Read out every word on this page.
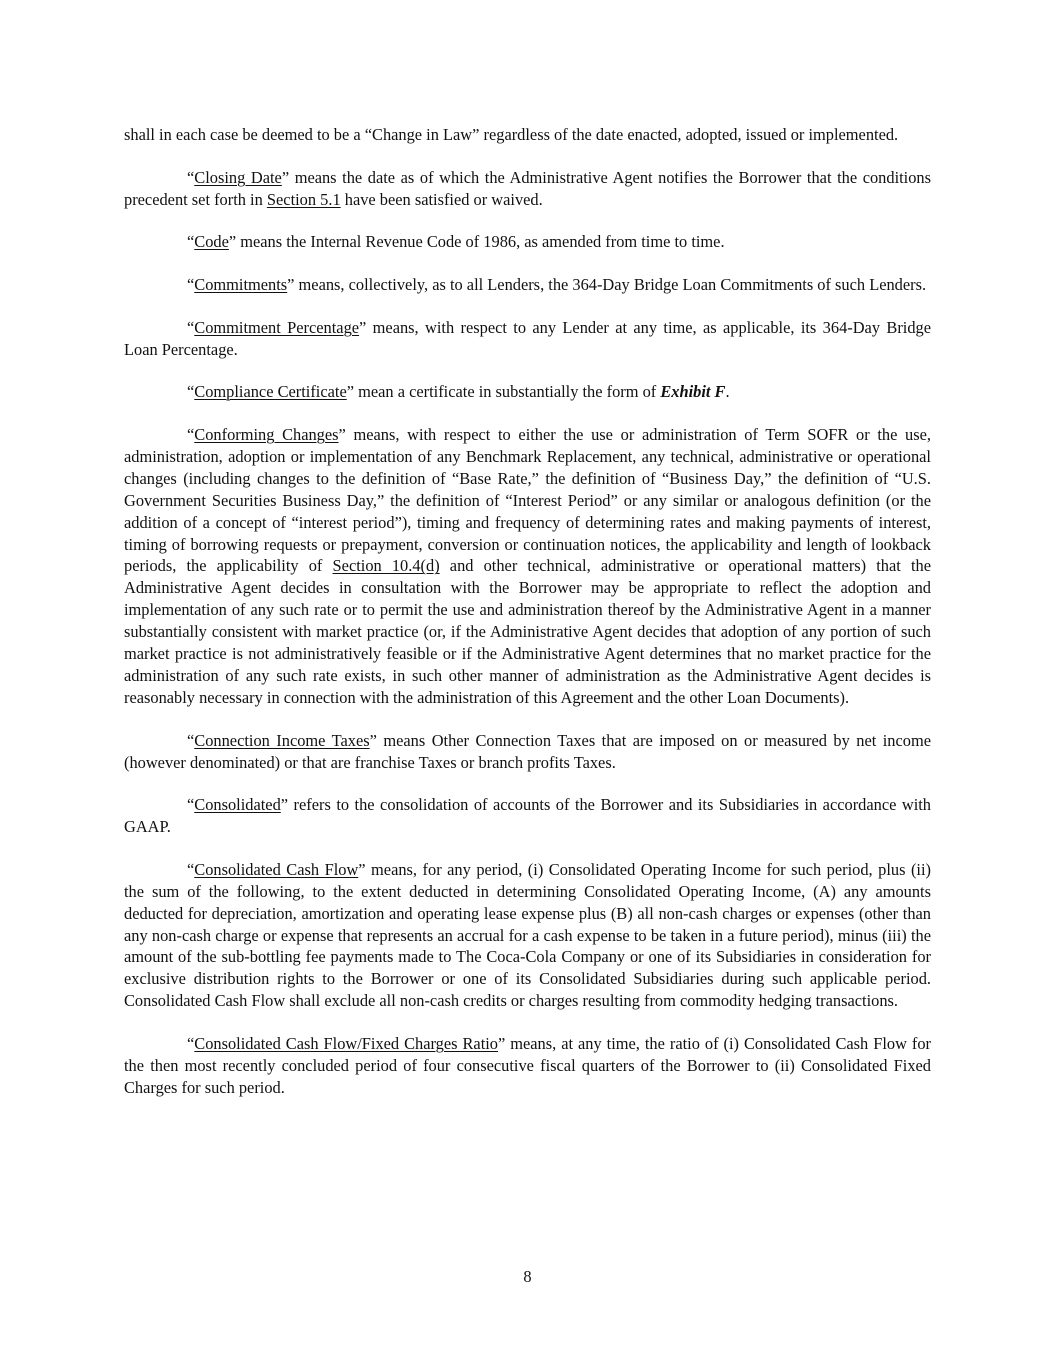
shall in each case be deemed to be a “Change in Law” regardless of the date enacted, adopted, issued or implemented.

“Closing Date” means the date as of which the Administrative Agent notifies the Borrower that the conditions precedent set forth in Section 5.1 have been satisfied or waived.

“Code” means the Internal Revenue Code of 1986, as amended from time to time.

“Commitments” means, collectively, as to all Lenders, the 364-Day Bridge Loan Commitments of such Lenders.

“Commitment Percentage” means, with respect to any Lender at any time, as applicable, its 364-Day Bridge Loan Percentage.

“Compliance Certificate” mean a certificate in substantially the form of Exhibit F.

“Conforming Changes” means, with respect to either the use or administration of Term SOFR or the use, administration, adoption or implementation of any Benchmark Replacement, any technical, administrative or operational changes (including changes to the definition of “Base Rate,” the definition of “Business Day,” the definition of “U.S. Government Securities Business Day,” the definition of “Interest Period” or any similar or analogous definition (or the addition of a concept of “interest period”), timing and frequency of determining rates and making payments of interest, timing of borrowing requests or prepayment, conversion or continuation notices, the applicability and length of lookback periods, the applicability of Section 10.4(d) and other technical, administrative or operational matters) that the Administrative Agent decides in consultation with the Borrower may be appropriate to reflect the adoption and implementation of any such rate or to permit the use and administration thereof by the Administrative Agent in a manner substantially consistent with market practice (or, if the Administrative Agent decides that adoption of any portion of such market practice is not administratively feasible or if the Administrative Agent determines that no market practice for the administration of any such rate exists, in such other manner of administration as the Administrative Agent decides is reasonably necessary in connection with the administration of this Agreement and the other Loan Documents).

“Connection Income Taxes” means Other Connection Taxes that are imposed on or measured by net income (however denominated) or that are franchise Taxes or branch profits Taxes.

“Consolidated” refers to the consolidation of accounts of the Borrower and its Subsidiaries in accordance with GAAP.

“Consolidated Cash Flow” means, for any period, (i) Consolidated Operating Income for such period, plus (ii) the sum of the following, to the extent deducted in determining Consolidated Operating Income, (A) any amounts deducted for depreciation, amortization and operating lease expense plus (B) all non-cash charges or expenses (other than any non-cash charge or expense that represents an accrual for a cash expense to be taken in a future period), minus (iii) the amount of the sub-bottling fee payments made to The Coca-Cola Company or one of its Subsidiaries in consideration for exclusive distribution rights to the Borrower or one of its Consolidated Subsidiaries during such applicable period. Consolidated Cash Flow shall exclude all non-cash credits or charges resulting from commodity hedging transactions.

“Consolidated Cash Flow/Fixed Charges Ratio” means, at any time, the ratio of (i) Consolidated Cash Flow for the then most recently concluded period of four consecutive fiscal quarters of the Borrower to (ii) Consolidated Fixed Charges for such period.

8
